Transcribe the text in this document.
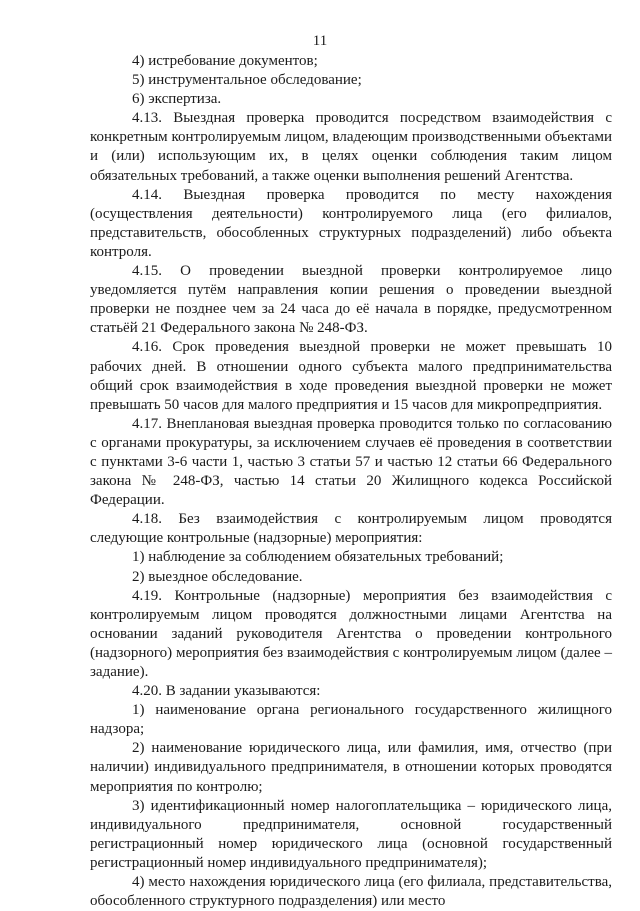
11

4) истребование документов;

5) инструментальное обследование;

6) экспертиза.

4.13. Выездная проверка проводится посредством взаимодействия с конкретным контролируемым лицом, владеющим производственными объектами и (или) использующим их, в целях оценки соблюдения таким лицом обязательных требований, а также оценки выполнения решений Агентства.

4.14. Выездная проверка проводится по месту нахождения (осуществления деятельности) контролируемого лица (его филиалов, представительств, обособленных структурных подразделений) либо объекта контроля.

4.15. О проведении выездной проверки контролируемое лицо уведомляется путём направления копии решения о проведении выездной проверки не позднее чем за 24 часа до её начала в порядке, предусмотренном статьёй 21 Федерального закона № 248-ФЗ.

4.16. Срок проведения выездной проверки не может превышать 10 рабочих дней. В отношении одного субъекта малого предпринимательства общий срок взаимодействия в ходе проведения выездной проверки не может превышать 50 часов для малого предприятия и 15 часов для микропредприятия.

4.17. Внеплановая выездная проверка проводится только по согласованию с органами прокуратуры, за исключением случаев её проведения в соответствии с пунктами 3-6 части 1, частью 3 статьи 57 и частью 12 статьи 66 Федерального закона № 248-ФЗ, частью 14 статьи 20 Жилищного кодекса Российской Федерации.

4.18. Без взаимодействия с контролируемым лицом проводятся следующие контрольные (надзорные) мероприятия:

1) наблюдение за соблюдением обязательных требований;

2) выездное обследование.

4.19. Контрольные (надзорные) мероприятия без взаимодействия с контролируемым лицом проводятся должностными лицами Агентства на основании заданий руководителя Агентства о проведении контрольного (надзорного) мероприятия без взаимодействия с контролируемым лицом (далее – задание).

4.20. В задании указываются:

1) наименование органа регионального государственного жилищного надзора;

2) наименование юридического лица, или фамилия, имя, отчество (при наличии) индивидуального предпринимателя, в отношении которых проводятся мероприятия по контролю;

3) идентификационный номер налогоплательщика – юридического лица, индивидуального предпринимателя, основной государственный регистрационный номер юридического лица (основной государственный регистрационный номер индивидуального предпринимателя);

4) место нахождения юридического лица (его филиала, представительства, обособленного структурного подразделения) или место
